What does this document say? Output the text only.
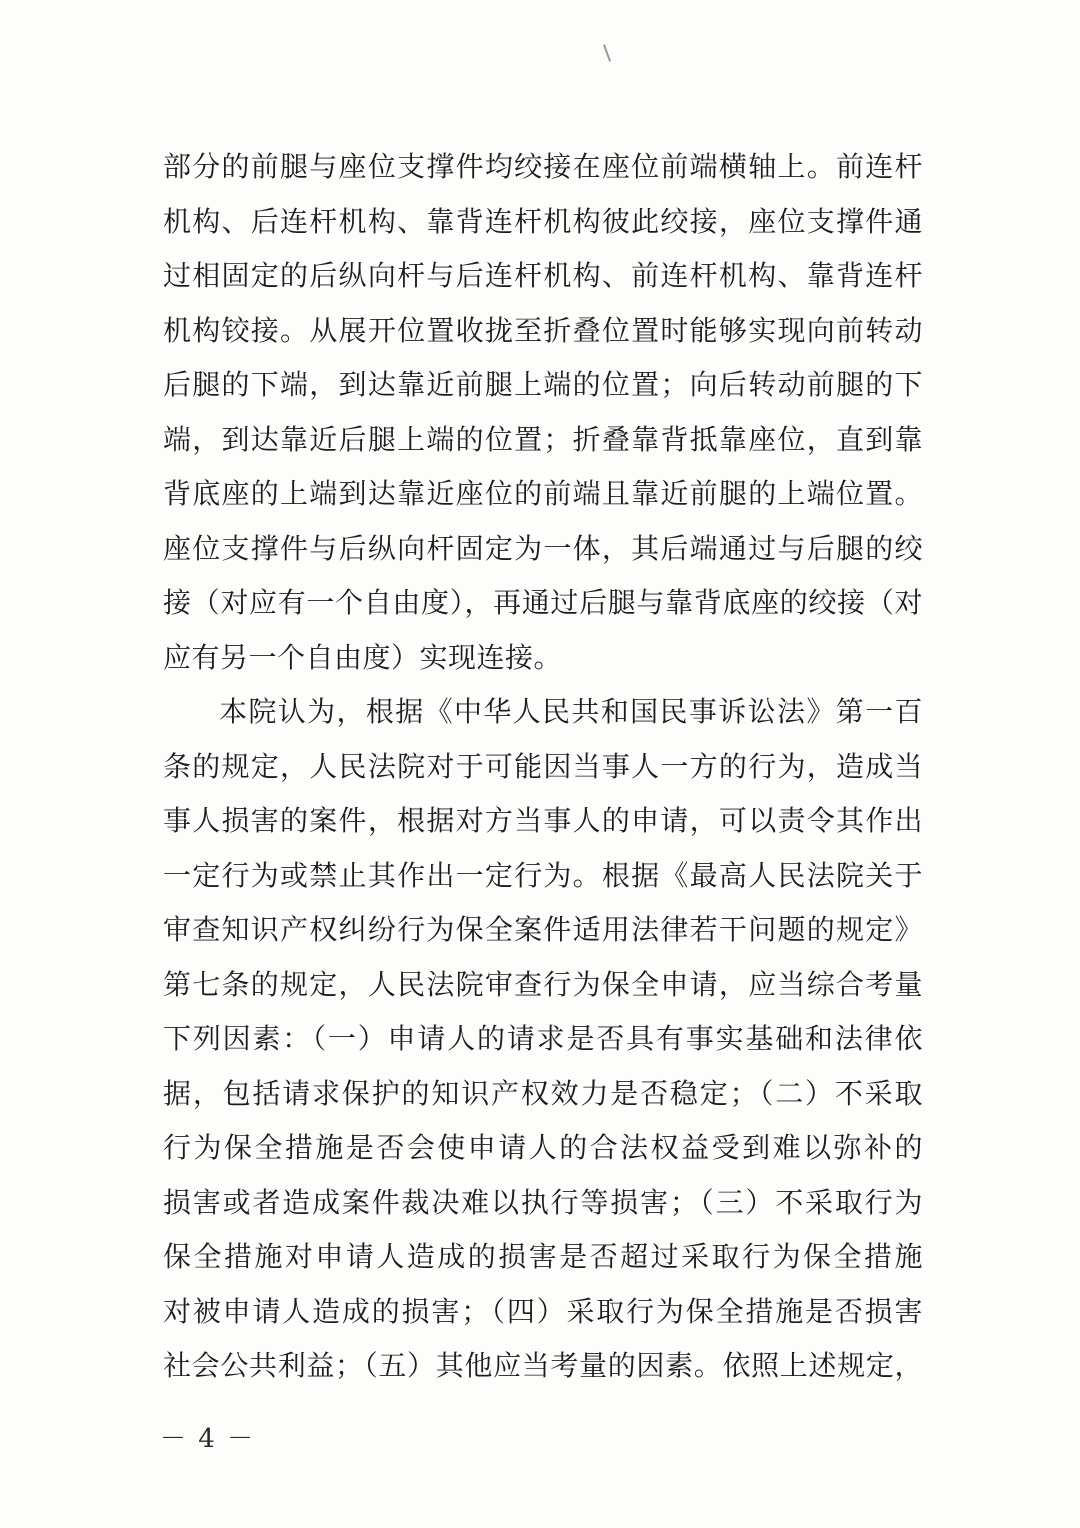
部分的前腿与座位支撑件均绞接在座位前端横轴上。前连杆
机构、后连杆机构、靠背连杆机构彼此绞接，座位支撑件通
过相固定的后纵向杆与后连杆机构、前连杆机构、靠背连杆
机构铰接。从展开位置收拢至折叠位置时能够实现向前转动
后腿的下端，到达靠近前腿上端的位置；向后转动前腿的下
端，到达靠近后腿上端的位置；折叠靠背抵靠座位，直到靠
背底座的上端到达靠近座位的前端且靠近前腿的上端位置。
座位支撑件与后纵向杆固定为一体，其后端通过与后腿的绞
接（对应有一个自由度），再通过后腿与靠背底座的绞接（对
应有另一个自由度）实现连接。
本院认为，根据《中华人民共和国民事诉讼法》第一百
条的规定，人民法院对于可能因当事人一方的行为，造成当
事人损害的案件，根据对方当事人的申请，可以责令其作出
一定行为或禁止其作出一定行为。根据《最高人民法院关于
审查知识产权纠纷行为保全案件适用法律若干问题的规定》
第七条的规定，人民法院审查行为保全申请，应当综合考量
下列因素：（一）申请人的请求是否具有事实基础和法律依
据，包括请求保护的知识产权效力是否稳定；（二）不采取
行为保全措施是否会使申请人的合法权益受到难以弥补的
损害或者造成案件裁决难以执行等损害；（三）不采取行为
保全措施对申请人造成的损害是否超过采取行为保全措施
对被申请人造成的损害；（四）采取行为保全措施是否损害
社会公共利益；（五）其他应当考量的因素。依照上述规定，
－ 4 －
